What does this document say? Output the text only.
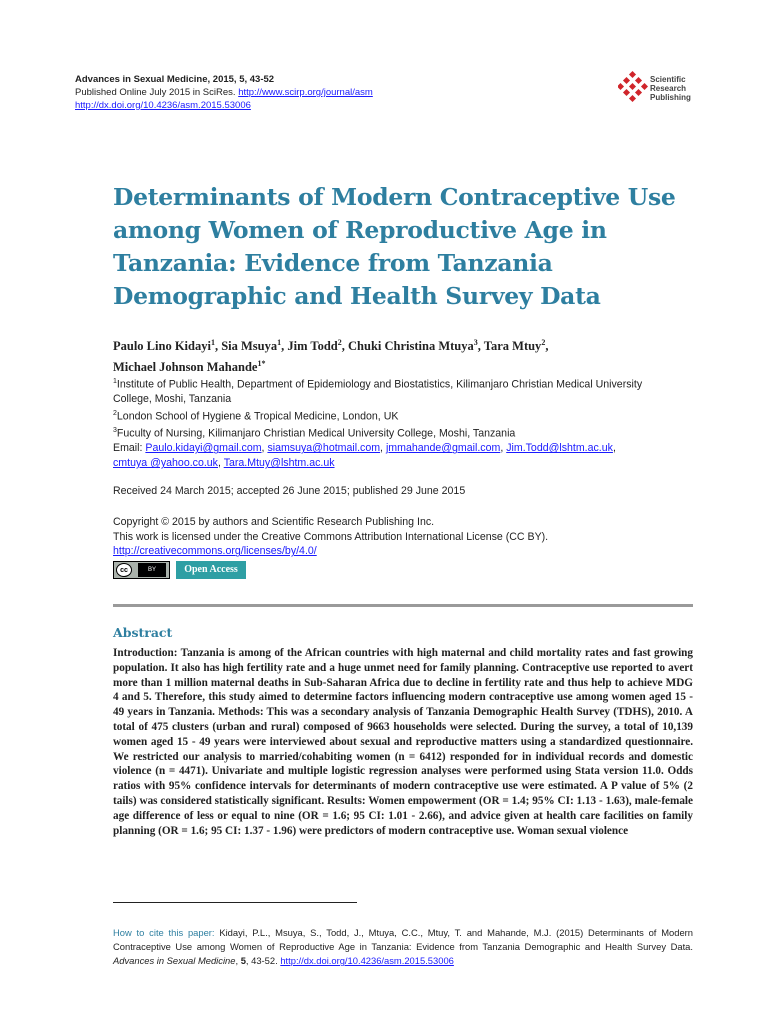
Advances in Sexual Medicine, 2015, 5, 43-52
Published Online July 2015 in SciRes. http://www.scirp.org/journal/asm
http://dx.doi.org/10.4236/asm.2015.53006
Scientific
Research
Publishing
Determinants of Modern Contraceptive Use among Women of Reproductive Age in Tanzania: Evidence from Tanzania Demographic and Health Survey Data
Paulo Lino Kidayi$^1$, Sia Msuya$^1$, Jim Todd$^2$, Chuki Christina Mtuya$^3$, Tara Mtuy$^2$,
Michael Johnson Mahande$^{1*}$
$^1$Institute of Public Health, Department of Epidemiology and Biostatistics, Kilimanjaro Christian Medical University College, Moshi, Tanzania
$^2$London School of Hygiene & Tropical Medicine, London, UK
$^3$Fuculty of Nursing, Kilimanjaro Christian Medical University College, Moshi, Tanzania
Email: Paulo.kidayi@gmail.com, siamsuya@hotmail.com, jmmahande@gmail.com, Jim.Todd@lshtm.ac.uk,
cmtuya @yahoo.co.uk, Tara.Mtuy@lshtm.ac.uk
Received 24 March 2015; accepted 26 June 2015; published 29 June 2015
Copyright © 2015 by authors and Scientific Research Publishing Inc.
This work is licensed under the Creative Commons Attribution International License (CC BY).
http://creativecommons.org/licenses/by/4.0/
cc	BY	Open Access
Abstract
Introduction: Tanzania is among of the African countries with high maternal and child mortality rates and fast growing population. It also has high fertility rate and a huge unmet need for family planning. Contraceptive use reported to avert more than 1 million maternal deaths in Sub-Saharan Africa due to decline in fertility rate and thus help to achieve MDG 4 and 5. Therefore, this study aimed to determine factors influencing modern contraceptive use among women aged 15 - 49 years in Tanzania. Methods: This was a secondary analysis of Tanzania Demographic Health Survey (TDHS), 2010. A total of 475 clusters (urban and rural) composed of 9663 households were selected. During the survey, a total of 10,139 women aged 15 - 49 years were interviewed about sexual and reproductive matters using a standardized questionnaire. We restricted our analysis to married/cohabiting women (n = 6412) responded for in individual records and domestic violence (n = 4471). Univariate and multiple logistic regression analyses were performed using Stata version 11.0. Odds ratios with 95% confidence intervals for determinants of modern contraceptive use were estimated. A P value of 5% (2 tails) was considered statistically significant. Results: Women empowerment (OR = 1.4; 95% CI: 1.13 - 1.63), male-female age difference of less or equal to nine (OR = 1.6; 95 CI: 1.01 - 2.66), and advice given at health care facilities on family planning (OR = 1.6; 95 CI: 1.37 - 1.96) were predictors of modern contraceptive use. Woman sexual violence
How to cite this paper: Kidayi, P.L., Msuya, S., Todd, J., Mtuya, C.C., Mtuy, T. and Mahande, M.J. (2015) Determinants of Modern Contraceptive Use among Women of Reproductive Age in Tanzania: Evidence from Tanzania Demographic and Health Survey Data. Advances in Sexual Medicine, 5, 43-52. http://dx.doi.org/10.4236/asm.2015.53006
